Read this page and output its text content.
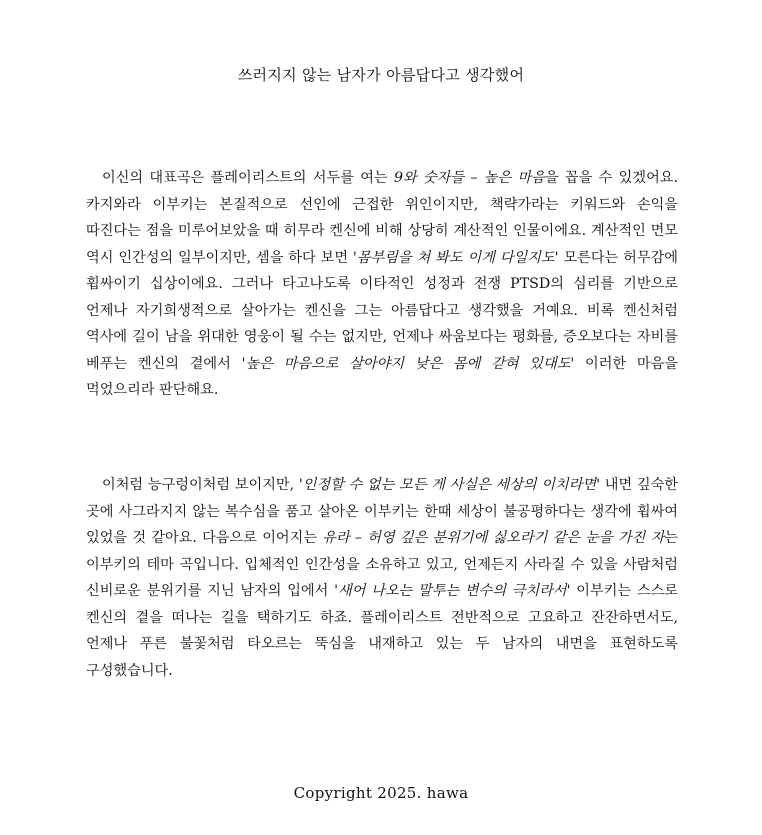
쓰러지지 않는 남자가 아름답다고 생각했어

이신의 대표곡은 플레이리스트의 서두를 여는 9와 숫자들 – 높은 마음을 꼽을 수 있겠어요. 카지와라 이부키는 본질적으로 선인에 근접한 위인이지만, 책략가라는 키워드와 손익을 따진다는 점을 미루어보았을 때 히무라 켄신에 비해 상당히 계산적인 인물이에요. 계산적인 면모 역시 인간성의 일부이지만, 셈을 하다 보면 '몸부림을 쳐 봐도 이게 다일지도' 모른다는 허무감에 휩싸이기 십상이에요. 그러나 타고나도록 이타적인 성정과 전쟁 PTSD의 심리를 기반으로 언제나 자기희생적으로 살아가는 켄신을 그는 아름답다고 생각했을 거예요. 비록 켄신처럼 역사에 길이 남을 위대한 영웅이 될 수는 없지만, 언제나 싸움보다는 평화를, 증오보다는 자비를 베푸는 켄신의 곁에서 '높은 마음으로 살아야지 낮은 몸에 갇혀 있대도' 이러한 마음을 먹었으리라 판단해요.

이처럼 능구렁이처럼 보이지만, '인정할 수 없는 모든 게 사실은 세상의 이치라면' 내면 깊숙한 곳에 사그라지지 않는 복수심을 품고 살아온 이부키는 한때 세상이 불공평하다는 생각에 휩싸여 있었을 것 같아요. 다음으로 이어지는 유라 – 허영 깊은 분위기에 싫오라기 같은 눈을 가진 자는 이부키의 테마 곡입니다. 입체적인 인간성을 소유하고 있고, 언제든지 사라질 수 있을 사람처럼 신비로운 분위기를 지닌 남자의 입에서 '새어 나오는 말투는 변수의 극치라서' 이부키는 스스로 켄신의 곁을 떠나는 길을 택하기도 하죠. 플레이리스트 전반적으로 고요하고 잔잔하면서도, 언제나 푸른 불꽃처럼 타오르는 뚝심을 내재하고 있는 두 남자의 내면을 표현하도록 구성했습니다.

Copyright 2025. hawa
